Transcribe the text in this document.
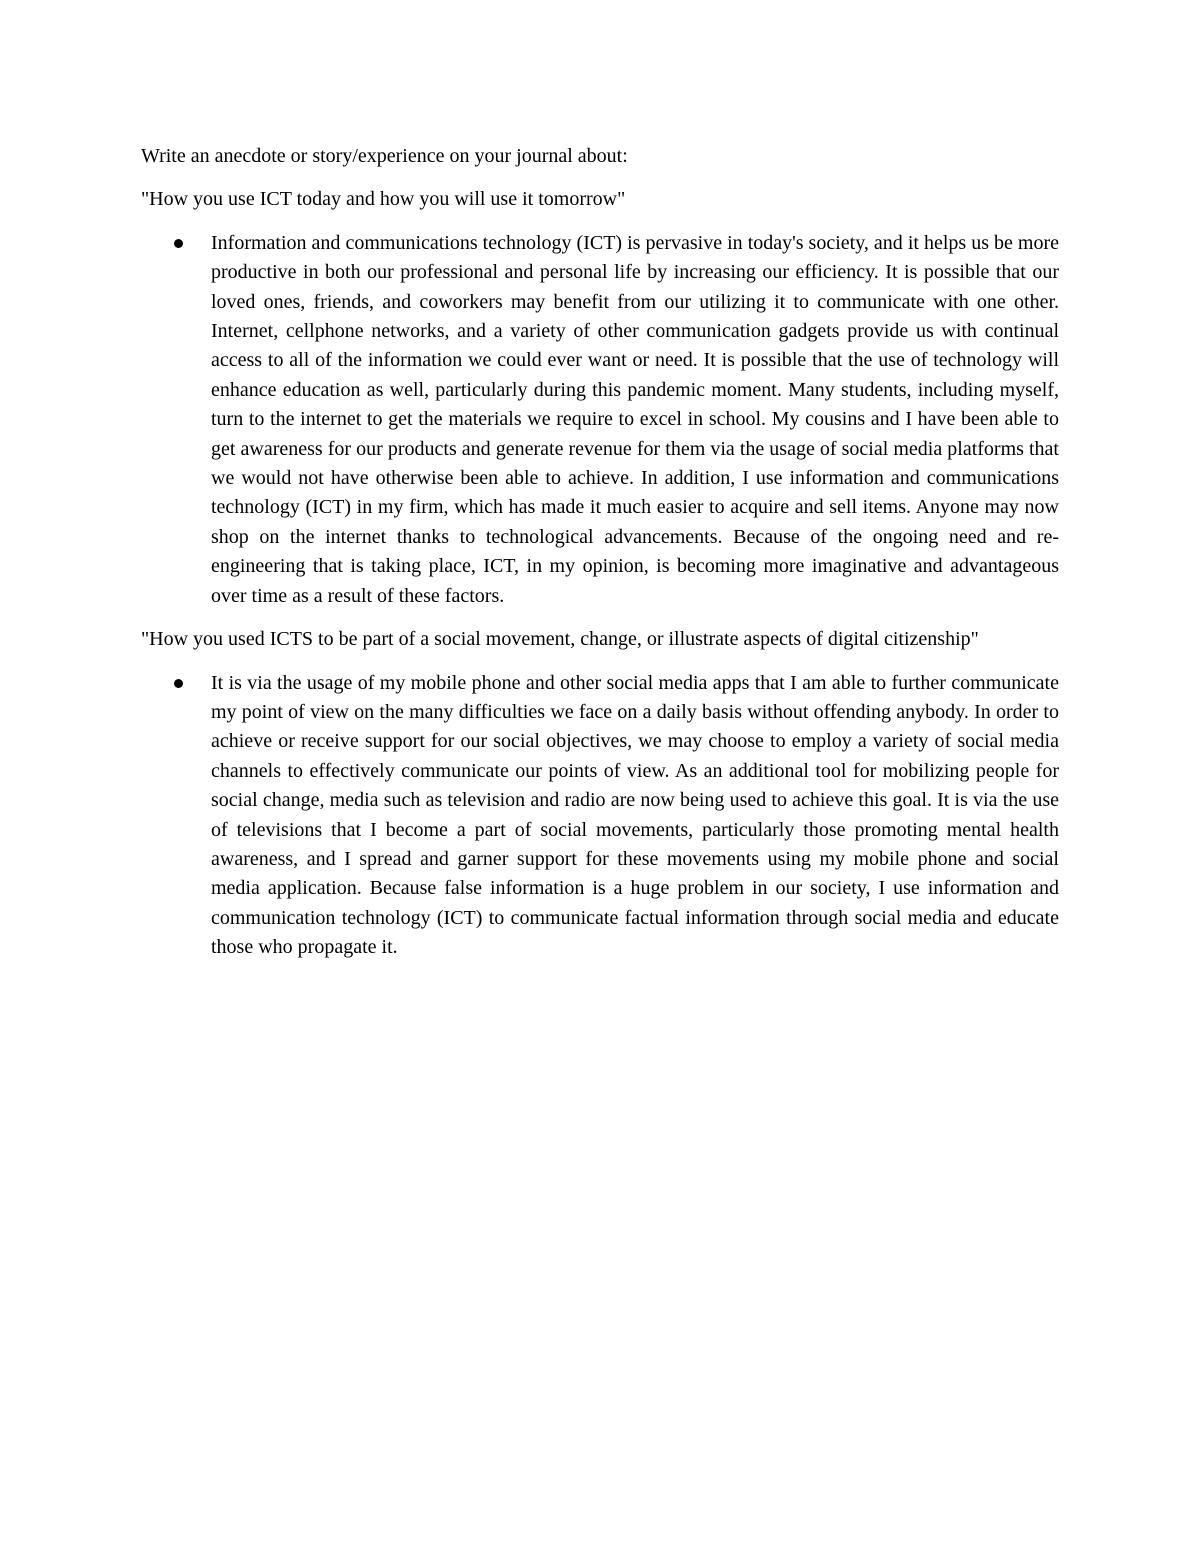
Write an anecdote or story/experience on your journal about:

"How you use ICT today and how you will use it tomorrow"

Information and communications technology (ICT) is pervasive in today's society, and it helps us be more productive in both our professional and personal life by increasing our efficiency. It is possible that our loved ones, friends, and coworkers may benefit from our utilizing it to communicate with one other. Internet, cellphone networks, and a variety of other communication gadgets provide us with continual access to all of the information we could ever want or need. It is possible that the use of technology will enhance education as well, particularly during this pandemic moment. Many students, including myself, turn to the internet to get the materials we require to excel in school. My cousins and I have been able to get awareness for our products and generate revenue for them via the usage of social media platforms that we would not have otherwise been able to achieve. In addition, I use information and communications technology (ICT) in my firm, which has made it much easier to acquire and sell items. Anyone may now shop on the internet thanks to technological advancements. Because of the ongoing need and re-engineering that is taking place, ICT, in my opinion, is becoming more imaginative and advantageous over time as a result of these factors.

"How you used ICTS to be part of a social movement, change, or illustrate aspects of digital citizenship"

It is via the usage of my mobile phone and other social media apps that I am able to further communicate my point of view on the many difficulties we face on a daily basis without offending anybody. In order to achieve or receive support for our social objectives, we may choose to employ a variety of social media channels to effectively communicate our points of view. As an additional tool for mobilizing people for social change, media such as television and radio are now being used to achieve this goal. It is via the use of televisions that I become a part of social movements, particularly those promoting mental health awareness, and I spread and garner support for these movements using my mobile phone and social media application. Because false information is a huge problem in our society, I use information and communication technology (ICT) to communicate factual information through social media and educate those who propagate it.
